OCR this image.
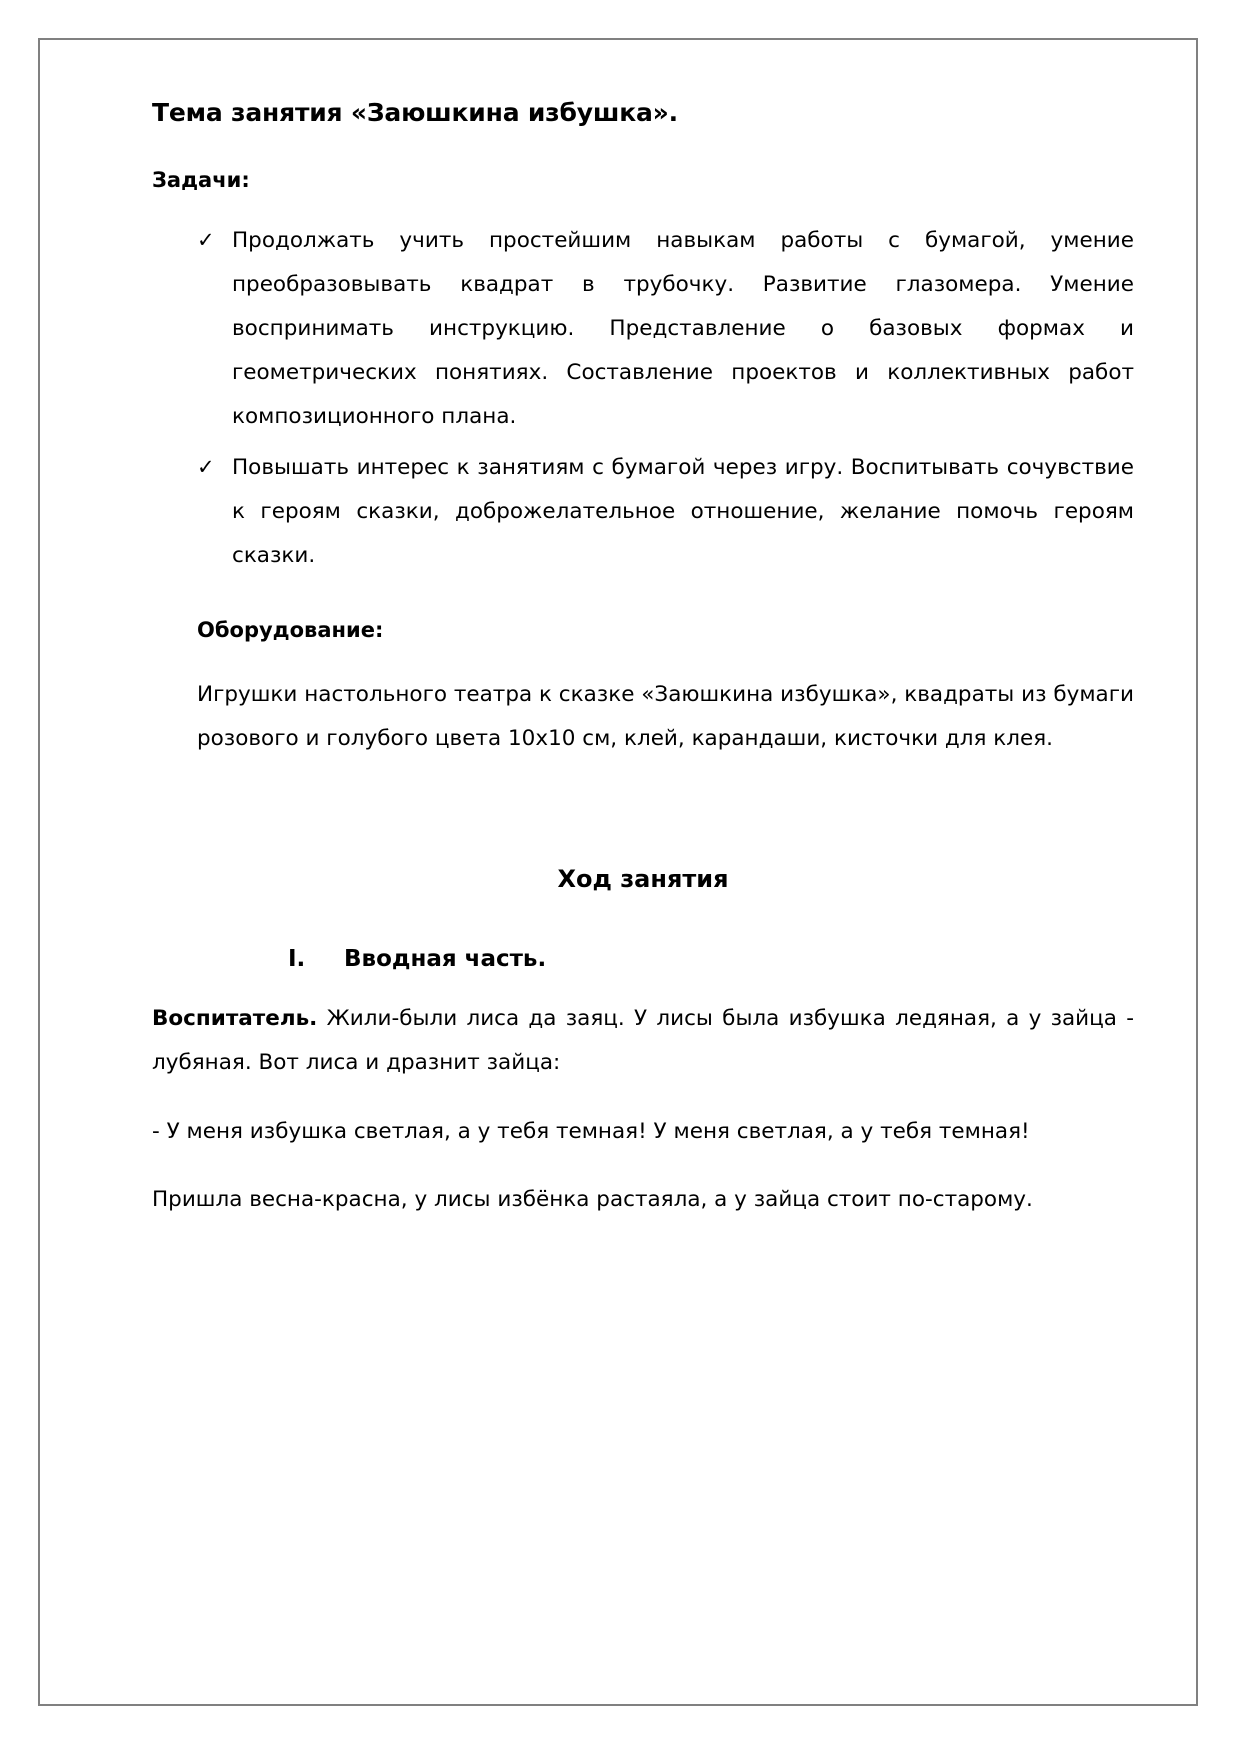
Тема занятия «Заюшкина избушка».
Задачи:
✓ Продолжать учить простейшим навыкам работы с бумагой, умение преобразовывать квадрат в трубочку. Развитие глазомера. Умение воспринимать инструкцию. Представление о базовых формах и геометрических понятиях. Составление проектов и коллективных работ композиционного плана.
✓ Повышать интерес к занятиям с бумагой через игру. Воспитывать сочувствие к героям сказки, доброжелательное отношение, желание помочь героям сказки.
Оборудование:

Игрушки настольного театра к сказке «Заюшкина избушка», квадраты из бумаги розового и голубого цвета 10x10 см, клей, карандаши, кисточки для клея.

Ход занятия
I. Вводная часть.

Воспитатель. Жили-были лиса да заяц. У лисы была избушка ледяная, а у зайца - лубяная. Вот лиса и дразнит зайца:

- У меня избушка светлая, а у тебя темная! У меня светлая, а у тебя темная!

Пришла весна-красна, у лисы избёнка растаяла, а у зайца стоит по-старому.
